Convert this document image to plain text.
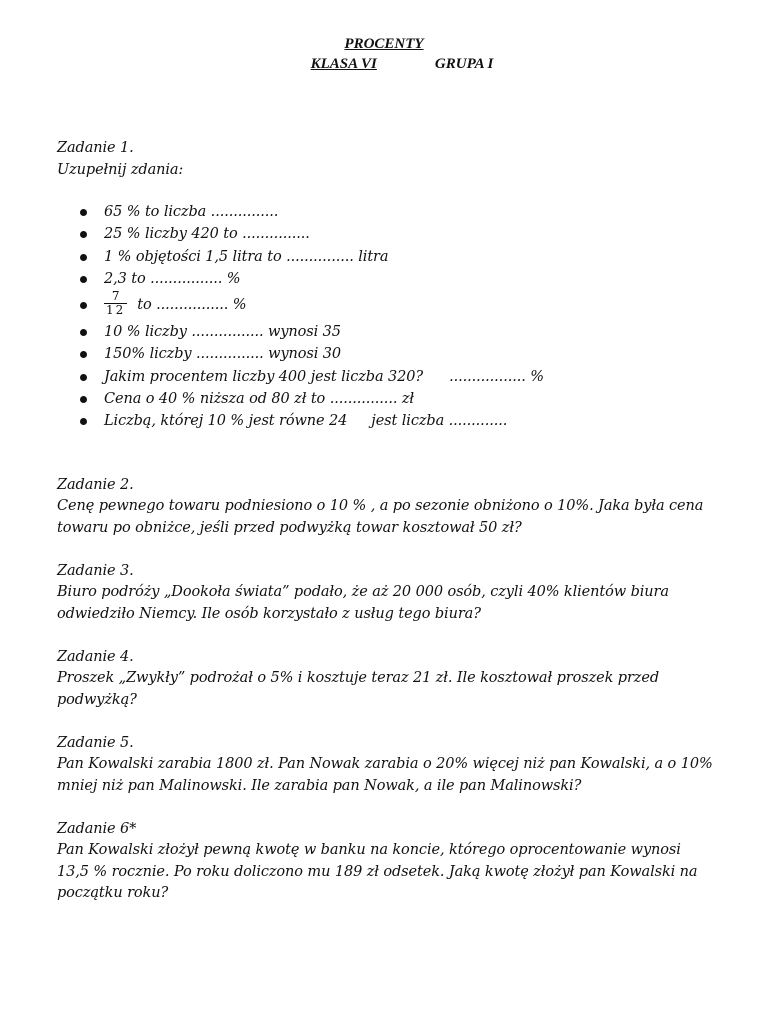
PROCENTY
KLASA VI	GRUPA I

Zadanie 1.

Uzupełnij zdania:

65 % to liczba ...............
25 % liczby 420 to ...............
1 % objętości 1,5 litra to ............... litra
2,3 to ................ %
$\frac{7}{12}$ to ................ %
10 % liczby ................ wynosi 35
150% liczby ............... wynosi 30
Jakim procentem liczby 400 jest liczba 320? ................. %
Cena o 40 % niższa od 80 zł to ............... zł
Liczbą, której 10 % jest równe 24 jest liczba .............

Zadanie 2.

Cenę pewnego towaru podniesiono o 10 % , a po sezonie obniżono o 10%. Jaka była cena towaru po obniżce, jeśli przed podwyżką towar kosztował 50 zł?

Zadanie 3.

Biuro podróży „Dookoła świata” podało, że aż 20 000 osób, czyli 40% klientów biura odwiedziło Niemcy. Ile osób korzystało z usług tego biura?

Zadanie 4.

Proszek „Zwykły” podrożał o 5% i kosztuje teraz 21 zł. Ile kosztował proszek przed podwyżką?

Zadanie 5.

Pan Kowalski zarabia 1800 zł. Pan Nowak zarabia o 20% więcej niż pan Kowalski, a o 10% mniej niż pan Malinowski. Ile zarabia pan Nowak, a ile pan Malinowski?

Zadanie 6*

Pan Kowalski złożył pewną kwotę w banku na koncie, którego oprocentowanie wynosi 13,5 % rocznie. Po roku doliczono mu 189 zł odsetek. Jaką kwotę złożył pan Kowalski na początku roku?
